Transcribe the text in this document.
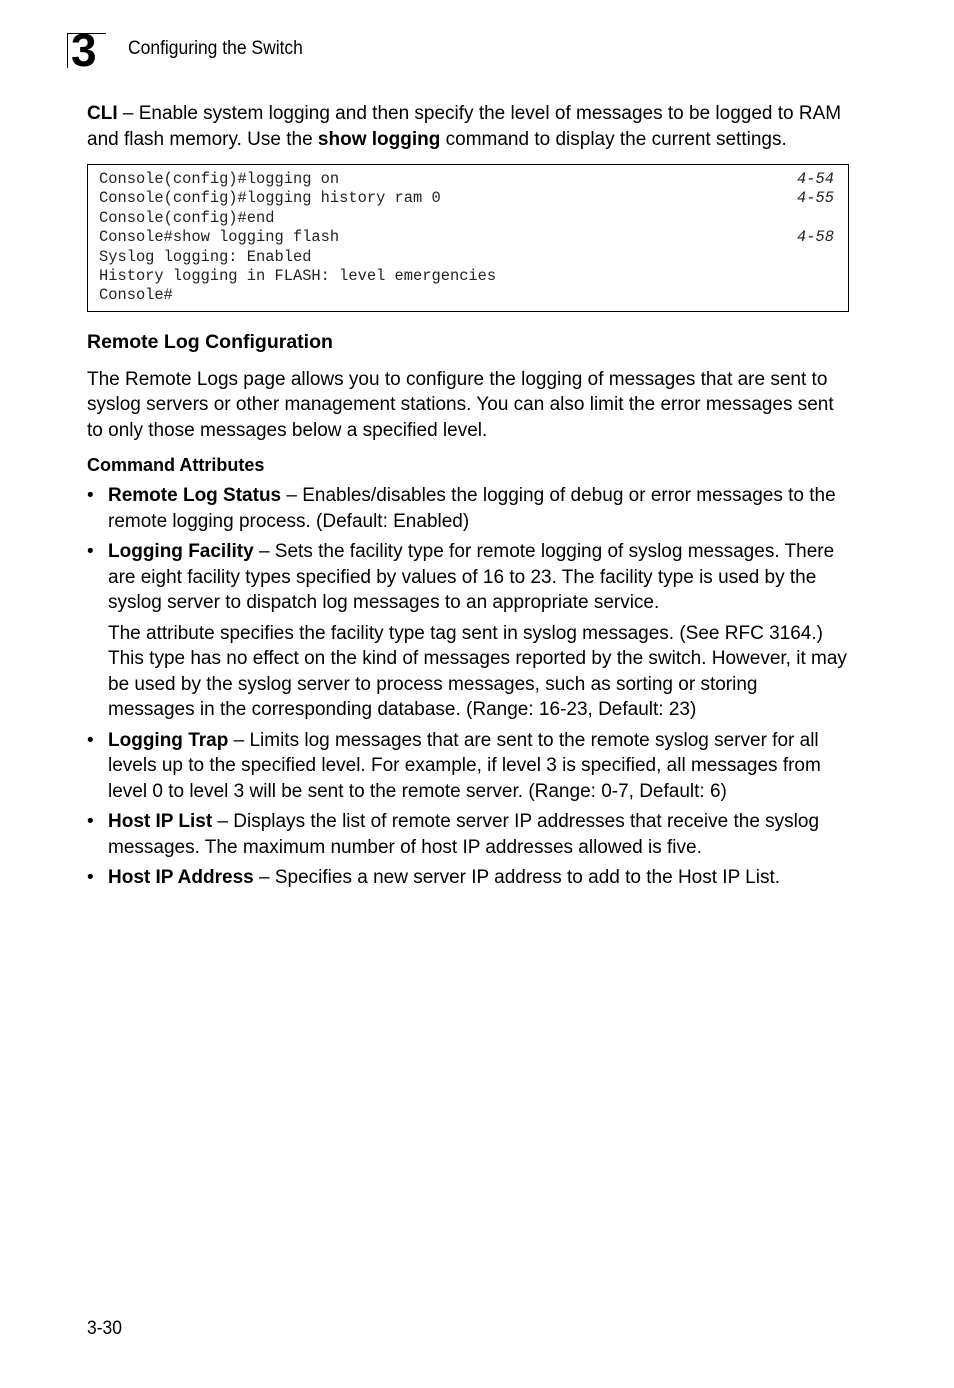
3 Configuring the Switch

CLI – Enable system logging and then specify the level of messages to be logged to RAM and flash memory. Use the show logging command to display the current settings.

Console(config)#logging on	4-54
Console(config)#logging history ram 0	4-55
Console(config)#end
Console#show logging flash	4-58
Syslog logging: Enabled
History logging in FLASH: level emergencies
Console#
Remote Log Configuration

The Remote Logs page allows you to configure the logging of messages that are sent to syslog servers or other management stations. You can also limit the error messages sent to only those messages below a specified level.

Command Attributes
• Remote Log Status – Enables/disables the logging of debug or error messages to the remote logging process. (Default: Enabled)
• Logging Facility – Sets the facility type for remote logging of syslog messages. There are eight facility types specified by values of 16 to 23. The facility type is used by the syslog server to dispatch log messages to an appropriate service.

The attribute specifies the facility type tag sent in syslog messages. (See RFC 3164.) This type has no effect on the kind of messages reported by the switch. However, it may be used by the syslog server to process messages, such as sorting or storing messages in the corresponding database. (Range: 16-23, Default: 23)

• Logging Trap – Limits log messages that are sent to the remote syslog server for all levels up to the specified level. For example, if level 3 is specified, all messages from level 0 to level 3 will be sent to the remote server. (Range: 0-7, Default: 6)
• Host IP List – Displays the list of remote server IP addresses that receive the syslog messages. The maximum number of host IP addresses allowed is five.
• Host IP Address – Specifies a new server IP address to add to the Host IP List.
3-30
